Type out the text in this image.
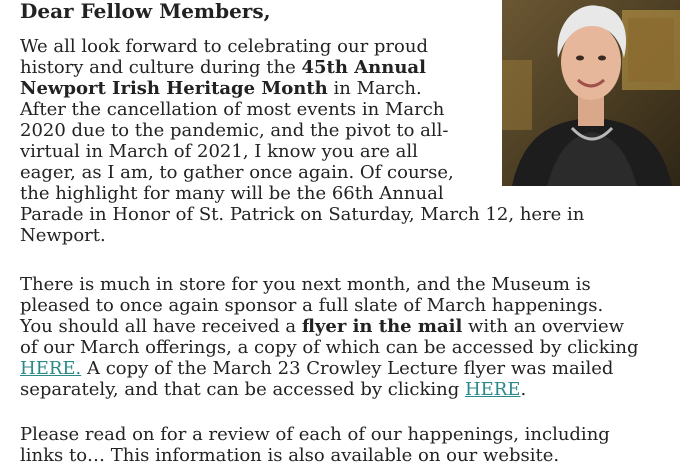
Dear Fellow Members,
We all look forward to celebrating our proud
history and culture during the 45th Annual
Newport Irish Heritage Month in March.
After the cancellation of most events in March
2020 due to the pandemic, and the pivot to all-
virtual in March of 2021, I know you are all
eager, as I am, to gather once again. Of course,
the highlight for many will be the 66th Annual
Parade in Honor of St. Patrick on Saturday, March 12, here in
Newport.
There is much in store for you next month, and the Museum is
pleased to once again sponsor a full slate of March happenings.
You should all have received a flyer in the mail with an overview
of our March offerings, a copy of which can be accessed by clicking
HERE. A copy of the March 23 Crowley Lecture flyer was mailed
separately, and that can be accessed by clicking HERE.
Please read on for a review of each of our happenings, including
links to… This information is also available on our website.
